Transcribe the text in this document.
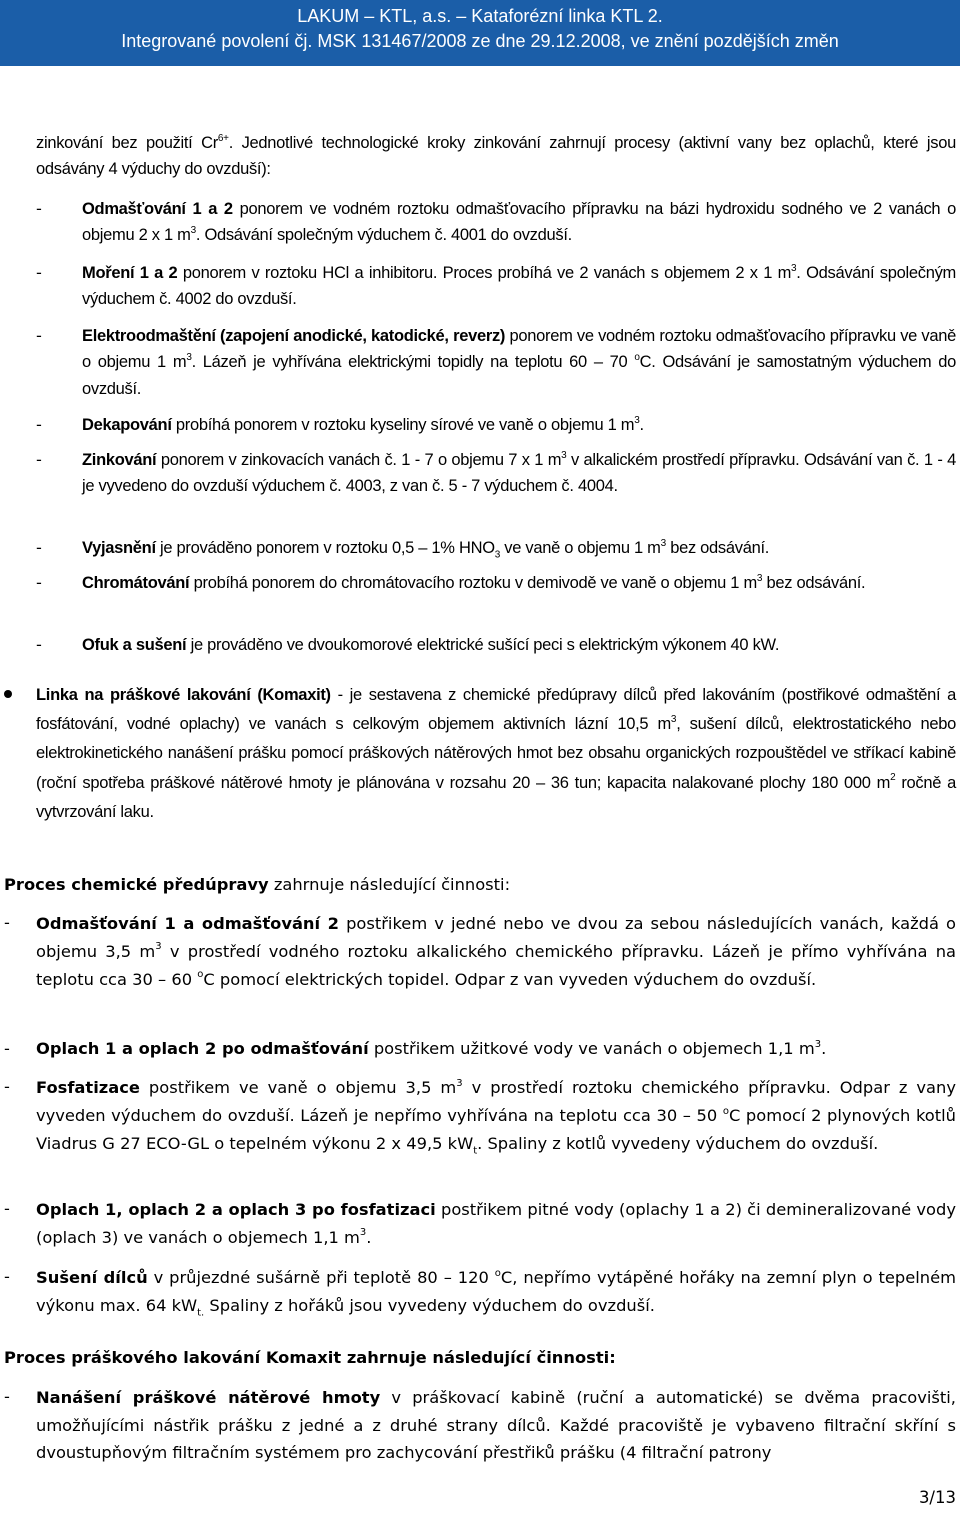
LAKUM – KTL, a.s. – Kataforézní linka KTL 2.
Integrované povolení čj. MSK 131467/2008 ze dne 29.12.2008, ve znění pozdějších změn
zinkování bez použití $Cr^{6+}$. Jednotlivé technologické kroky zinkování zahrnují procesy (aktivní vany bez oplachů, které jsou odsávány 4 výduchy do ovzduší):
-	Odmašťování 1 a 2 ponorem ve vodném roztoku odmašťovacího přípravku na bázi hydroxidu sodného ve 2 vanách o objemu 2 x 1 $m^3$. Odsávání společným výduchem č. 4001 do ovzduší.
-	Moření 1 a 2 ponorem v roztoku HCl a inhibitoru. Proces probíhá ve 2 vanách s objemem 2 x 1 $m^3$. Odsávání společným výduchem č. 4002 do ovzduší.
-	Elektroodmaštění (zapojení anodické, katodické, reverz) ponorem ve vodném roztoku odmašťovacího přípravku ve vaně o objemu 1 $m^3$. Lázeň je vyhřívána elektrickými topidly na teplotu 60 – 70 $^o$C. Odsávání je samostatným výduchem do ovzduší.
-	Dekapování probíhá ponorem v roztoku kyseliny sírové ve vaně o objemu 1 $m^3$.
-	Zinkování ponorem v zinkovacích vanách č. 1 - 7 o objemu 7 x 1 $m^3$ v alkalickém prostředí přípravku. Odsávání van č. 1 - 4 je vyvedeno do ovzduší výduchem č. 4003, z van č. 5 - 7 výduchem č. 4004.
-	Vyjasnění je prováděno ponorem v roztoku 0,5 – 1% $HNO_3$ ve vaně o objemu 1 $m^3$ bez odsávání.
-	Chromátování probíhá ponorem do chromátovacího roztoku v demivodě ve vaně o objemu 1 $m^3$ bez odsávání.
-	Ofuk a sušení je prováděno ve dvoukomorové elektrické sušící peci s elektrickým výkonem 40 kW.
Linka na práškové lakování (Komaxit) - je sestavena z chemické předúpravy dílců před lakováním (postřikové odmaštění a fosfátování, vodné oplachy) ve vanách s celkovým objemem aktivních lázní 10,5 $m^3$, sušení dílců, elektrostatického nebo elektrokinetického nanášení prášku pomocí práškových nátěrových hmot bez obsahu organických rozpouštědel ve stříkací kabině (roční spotřeba práškové nátěrové hmoty je plánována v rozsahu 20 – 36 tun; kapacita nalakované plochy 180 000 $m^2$ ročně a vytvrzování laku.
Proces chemické předúpravy zahrnuje následující činnosti:
-	Odmašťování 1 a odmašťování 2 postřikem v jedné nebo ve dvou za sebou následujících vanách, každá o objemu 3,5 $m^3$ v prostředí vodného roztoku alkalického chemického přípravku. Lázeň je přímo vyhřívána na teplotu cca 30 – 60 $^o$C pomocí elektrických topidel. Odpar z van vyveden výduchem do ovzduší.
-	Oplach 1 a oplach 2 po odmašťování postřikem užitkové vody ve vanách o objemech 1,1 $m^3$.
-	Fosfatizace postřikem ve vaně o objemu 3,5 $m^3$ v prostředí roztoku chemického přípravku. Odpar z vany vyveden výduchem do ovzduší. Lázeň je nepřímo vyhřívána na teplotu cca 30 – 50 $^o$C pomocí 2 plynových kotlů Viadrus G 27 ECO-GL o tepelném výkonu 2 x 49,5 $kW_t$. Spaliny z kotlů vyvedeny výduchem do ovzduší.
-	Oplach 1, oplach 2 a oplach 3 po fosfatizaci postřikem pitné vody (oplachy 1 a 2) či demineralizované vody (oplach 3) ve vanách o objemech 1,1 $m^3$.
-	Sušení dílců v průjezdné sušárně při teplotě 80 – 120 $^o$C, nepřímo vytápěné hořáky na zemní plyn o tepelném výkonu max. 64 $kW_{t.}$ Spaliny z hořáků jsou vyvedeny výduchem do ovzduší.
Proces práškového lakování Komaxit zahrnuje následující činnosti:
-	Nanášení práškové nátěrové hmoty v práškovací kabině (ruční a automatické) se dvěma pracovišti, umožňujícími nástřik prášku z jedné a z druhé strany dílců. Každé pracoviště je vybaveno filtrační skříní s dvoustupňovým filtračním systémem pro zachycování přestřiků prášku (4 filtrační patrony
3/13
